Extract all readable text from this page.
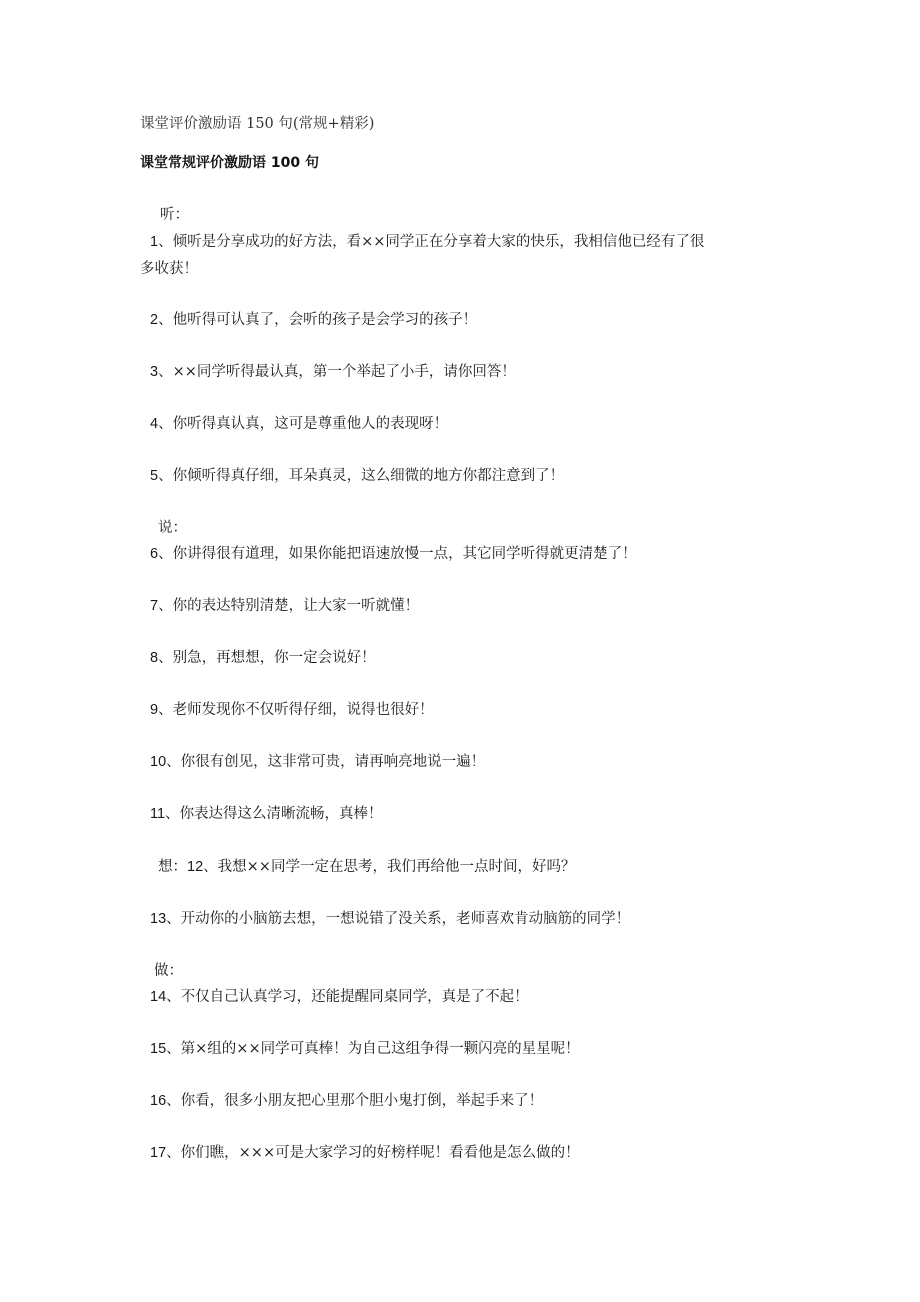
课堂评价激励语 150 句(常规+精彩)
课堂常规评价激励语 100 句
听：
1、倾听是分享成功的好方法，看××同学正在分享着大家的快乐，我相信他已经有了很
多收获！
2、他听得可认真了，会听的孩子是会学习的孩子！
3、××同学听得最认真，第一个举起了小手，请你回答！
4、你听得真认真，这可是尊重他人的表现呀！
5、你倾听得真仔细，耳朵真灵，这么细微的地方你都注意到了！
说：
6、你讲得很有道理，如果你能把语速放慢一点，其它同学听得就更清楚了！
7、你的表达特别清楚，让大家一听就懂！
8、别急，再想想，你一定会说好！
9、老师发现你不仅听得仔细，说得也很好！
10、你很有创见，这非常可贵，请再响亮地说一遍！
11、你表达得这么清晰流畅，真棒！
想：12、我想××同学一定在思考，我们再给他一点时间，好吗？
13、开动你的小脑筋去想，一想说错了没关系，老师喜欢肯动脑筋的同学！
做：
14、不仅自己认真学习，还能提醒同桌同学，真是了不起！
15、第×组的××同学可真棒！为自己这组争得一颗闪亮的星星呢！
16、你看，很多小朋友把心里那个胆小鬼打倒，举起手来了！
17、你们瞧，×××可是大家学习的好榜样呢！看看他是怎么做的！
